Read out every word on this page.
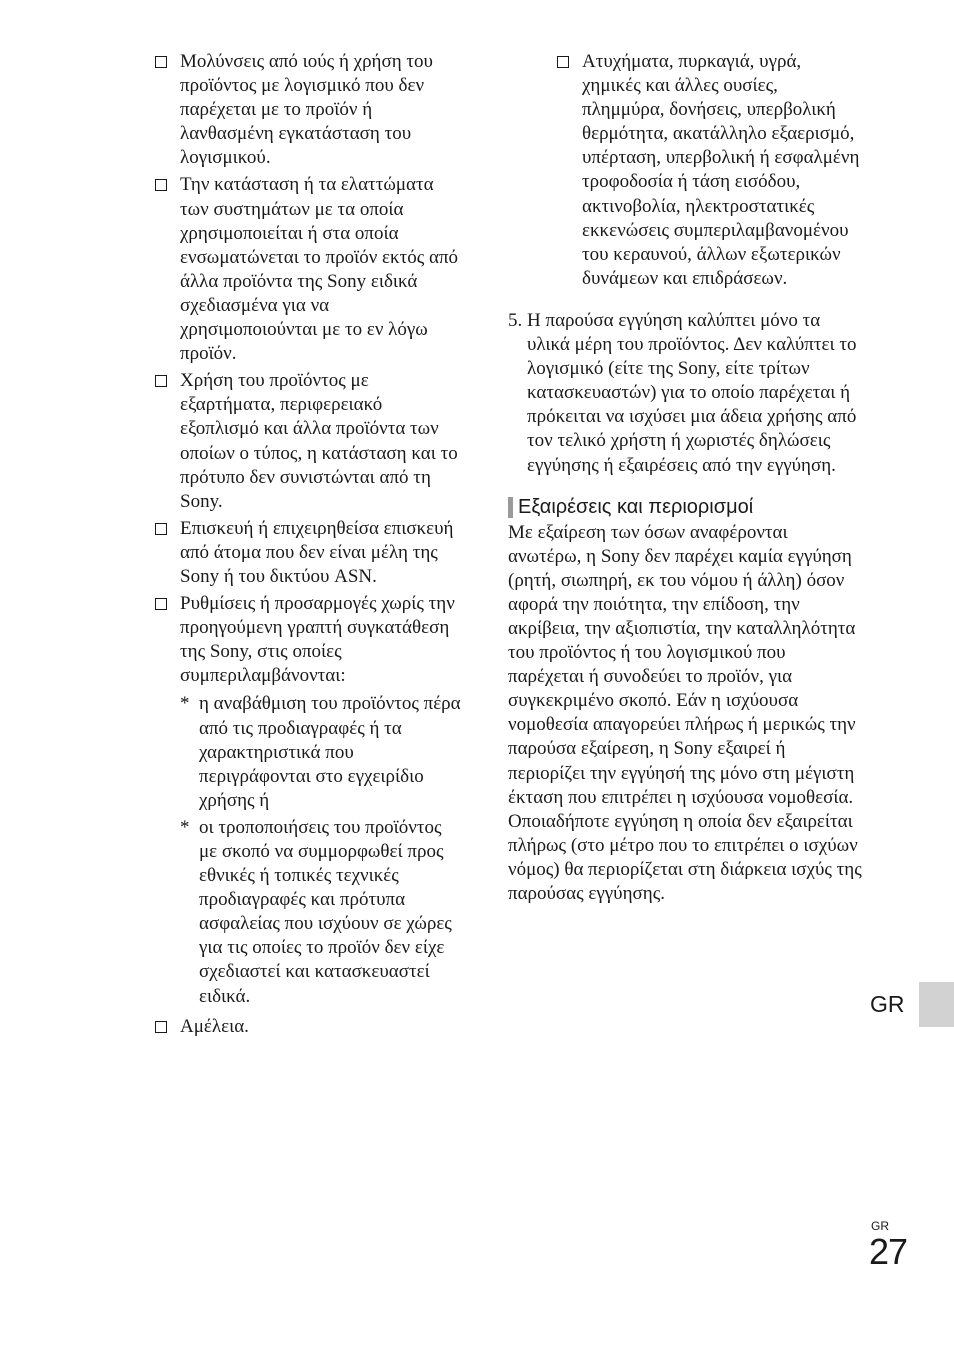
Μολύνσεις από ιούς ή χρήση του προϊόντος με λογισμικό που δεν παρέχεται με το προϊόν ή λανθασμένη εγκατάσταση του λογισμικού.
Την κατάσταση ή τα ελαττώματα των συστημάτων με τα οποία χρησιμοποιείται ή στα οποία ενσωματώνεται το προϊόν εκτός από άλλα προϊόντα της Sony ειδικά σχεδιασμένα για να χρησιμοποιούνται με το εν λόγω προϊόν.
Χρήση του προϊόντος με εξαρτήματα, περιφερειακό εξοπλισμό και άλλα προϊόντα των οποίων ο τύπος, η κατάσταση και το πρότυπο δεν συνιστώνται από τη Sony.
Επισκευή ή επιχειρηθείσα επισκευή από άτομα που δεν είναι μέλη της Sony ή του δικτύου ASN.
Ρυθμίσεις ή προσαρμογές χωρίς την προηγούμενη γραπτή συγκατάθεση της Sony, στις οποίες συμπεριλαμβάνονται:
* η αναβάθμιση του προϊόντος πέρα από τις προδιαγραφές ή τα χαρακτηριστικά που περιγράφονται στο εγχειρίδιο χρήσης ή
* οι τροποποιήσεις του προϊόντος με σκοπό να συμμορφωθεί προς εθνικές ή τοπικές τεχνικές προδιαγραφές και πρότυπα ασφαλείας που ισχύουν σε χώρες για τις οποίες το προϊόν δεν είχε σχεδιαστεί και κατασκευαστεί ειδικά.
Αμέλεια.
Ατυχήματα, πυρκαγιά, υγρά, χημικές και άλλες ουσίες, πλημμύρα, δονήσεις, υπερβολική θερμότητα, ακατάλληλο εξαερισμό, υπέρταση, υπερβολική ή εσφαλμένη τροφοδοσία ή τάση εισόδου, ακτινοβολία, ηλεκτροστατικές εκκενώσεις συμπεριλαμβανομένου του κεραυνού, άλλων εξωτερικών δυνάμεων και επιδράσεων.
5. Η παρούσα εγγύηση καλύπτει μόνο τα υλικά μέρη του προϊόντος. Δεν καλύπτει το λογισμικό (είτε της Sony, είτε τρίτων κατασκευαστών) για το οποίο παρέχεται ή πρόκειται να ισχύσει μια άδεια χρήσης από τον τελικό χρήστη ή χωριστές δηλώσεις εγγύησης ή εξαιρέσεις από την εγγύηση.
Εξαιρέσεις και περιορισμοί

Με εξαίρεση των όσων αναφέρονται ανωτέρω, η Sony δεν παρέχει καμία εγγύηση (ρητή, σιωπηρή, εκ του νόμου ή άλλη) όσον αφορά την ποιότητα, την επίδοση, την ακρίβεια, την αξιοπιστία, την καταλληλότητα του προϊόντος ή του λογισμικού που παρέχεται ή συνοδεύει το προϊόν, για συγκεκριμένο σκοπό. Εάν η ισχύουσα νομοθεσία απαγορεύει πλήρως ή μερικώς την παρούσα εξαίρεση, η Sony εξαιρεί ή περιορίζει την εγγύησή της μόνο στη μέγιστη έκταση που επιτρέπει η ισχύουσα νομοθεσία. Οποιαδήποτε εγγύηση η οποία δεν εξαιρείται πλήρως (στο μέτρο που το επιτρέπει ο ισχύων νόμος) θα περιορίζεται στη διάρκεια ισχύς της παρούσας εγγύησης.

GR
GR
27
